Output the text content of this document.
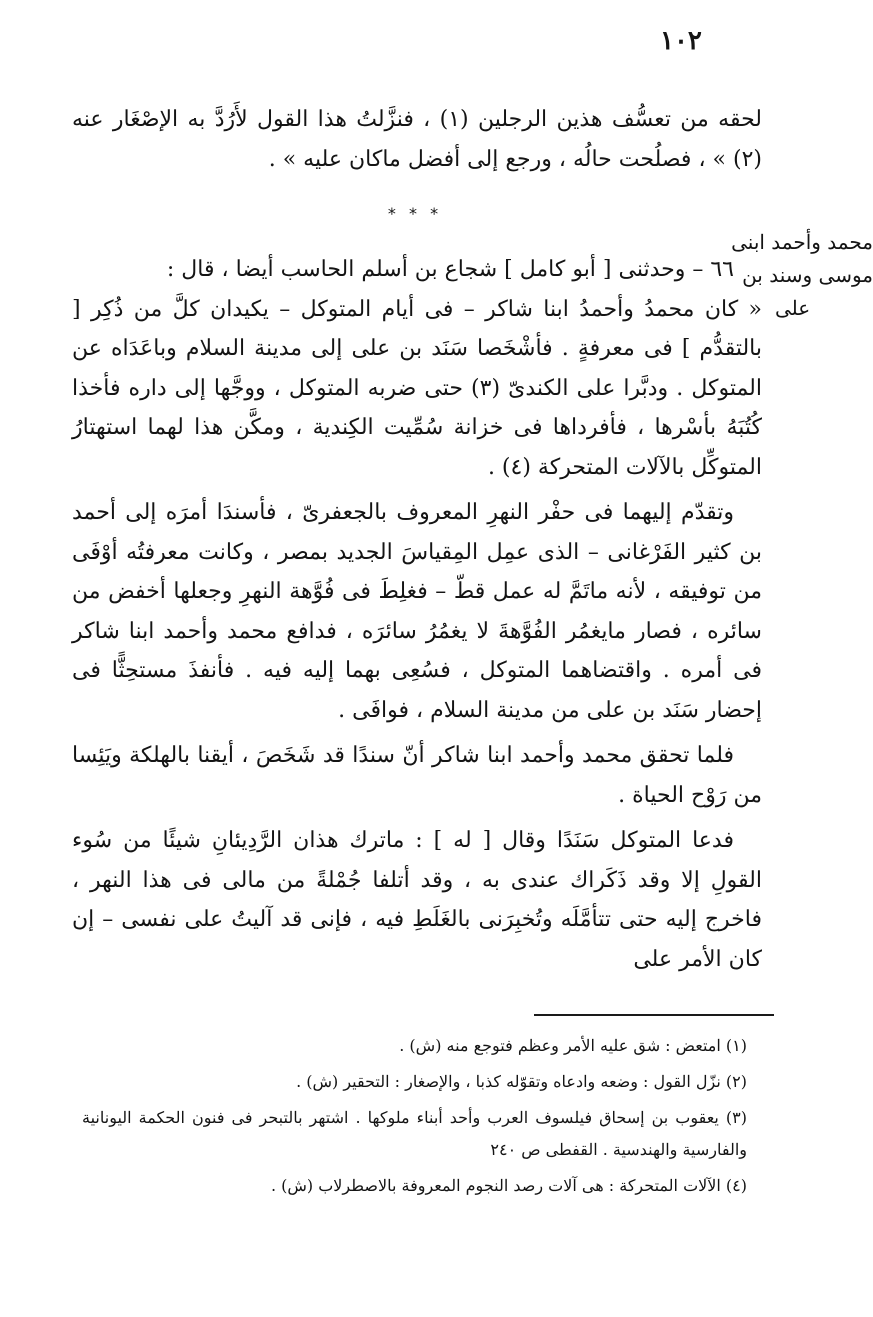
١٠٢
محمد وأحمد ابنى
موسى وسند بن
على

لحقه من تعسُّف هذين الرجلين (١) ، فنزَّلتُ هذا القول لأَرُدَّ به الإصْغَار عنه (٢) » ، فصلُحت حالُه ، ورجع إلى أفضل ماكان عليه » .

* * *

٦٦ – وحدثنى [ أبو كامل ] شجاع بن أسلم الحاسب أيضا ، قال :

« كان محمدُ وأحمدُ ابنا شاكر – فى أيام المتوكل – يكيدان كلَّ من ذُكِر [ بالتقدُّم ] فى معرفةٍ . فأشْخَصا سَنَد بن على إلى مدينة السلام وباعَدَاه عن المتوكل . ودبَّرا على الكندىّ (٣) حتى ضربه المتوكل ، ووجَّها إلى داره فأخذا كُتُبَهُ بأسْرها ، فأفرداها فى خزانة سُمِّيت الكِندية ، ومكَّن هذا لهما استهتارُ المتوكِّل بالآلات المتحركة (٤) .

وتقدّم إليهما فى حفْر النهرِ المعروف بالجعفرىّ ، فأسندَا أمرَه إلى أحمد بن كثير الفَرْغانى – الذى عمِل المِقياسَ الجديد بمصر ، وكانت معرفتُه أوْفَى من توفيقه ، لأنه ماتَمَّ له عمل قطّ – فغلِطَ فى فُوَّهة النهرِ وجعلها أخفض من سائره ، فصار مايغمُر الفُوَّهةَ لا يغمُرُ سائرَه ، فدافع محمد وأحمد ابنا شاكر فى أمره . واقتضاهما المتوكل ، فسُعِى بهما إليه فيه . فأنفذَ مستحِثًّا فى إحضار سَنَد بن على من مدينة السلام ، فوافَى .

فلما تحقق محمد وأحمد ابنا شاكر أنّ سندًا قد شَخَصَ ، أيقنا بالهلكة ويَئِسا من رَوْح الحياة .

فدعا المتوكل سَنَدًا وقال [ له ] : ماترك هذان الرَّدِيئانِ شيئًا من سُوء القولِ إلا وقد ذَكَراك عندى به ، وقد أتلفا جُمْلةً من مالى فى هذا النهر ، فاخرج إليه حتى تتأمَّلَه وتُخبِرَنى بالغَلَطِ فيه ، فإنى قد آليتُ على نفسى – إن كان الأمر على

(١) امتعض : شق عليه الأمر وعظم فتوجع منه (ش) .

(٢) نزّل القول : وضعه وادعاه وتقوّله كذبا ، والإصغار : التحقير (ش) .

(٣) يعقوب بن إسحاق فيلسوف العرب وأحد أبناء ملوكها . اشتهر بالتبحر فى فنون الحكمة اليونانية والفارسية والهندسية . القفطى ص ٢٤٠

(٤) الآلات المتحركة : هى آلات رصد النجوم المعروفة بالاصطرلاب (ش) .
